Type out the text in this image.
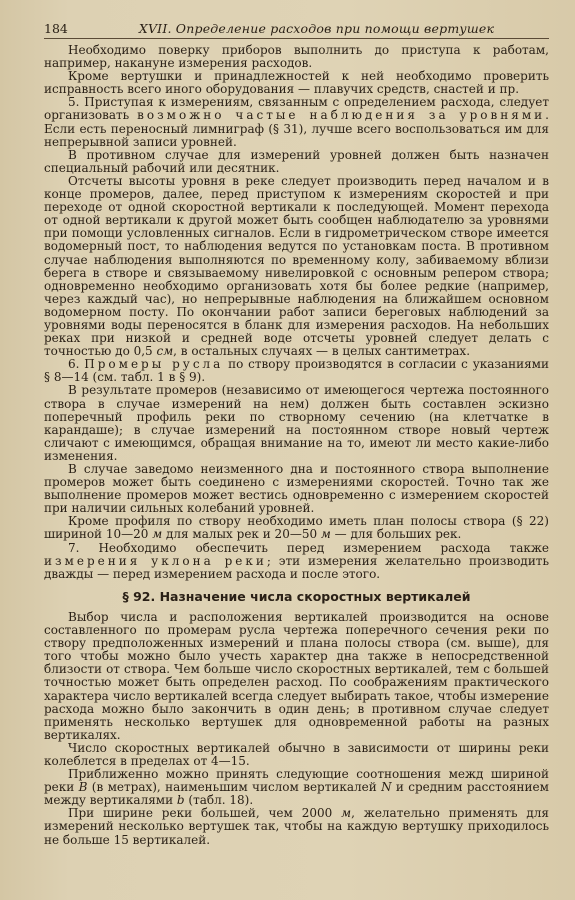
184	XVII. Определение расходов при помощи вертушек

Необходимо поверку приборов выполнить до приступа к работам, например, накануне измерения расходов.

Кроме вертушки и принадлежностей к ней необходимо проверить исправность всего иного оборудования — плавучих средств, снастей и пр.

5. Приступая к измерениям, связанным с определением расхода, следует организовать возможно частые наблюдения за уровнями. Если есть переносный лимниграф (§ 31), лучше всего воспользоваться им для непрерывной записи уровней.

В противном случае для измерений уровней должен быть назначен специальный рабочий или десятник.

Отсчеты высоты уровня в реке следует производить перед началом и в конце промеров, далее, перед приступом к измерениям скоростей и при переходе от одной скоростной вертикали к последующей. Момент перехода от одной вертикали к другой может быть сообщен наблюдателю за уровнями при помощи условленных сигналов. Если в гидрометрическом створе имеется водомерный пост, то наблюдения ведутся по установкам поста. В противном случае наблюдения выполняются по временному колу, забиваемому вблизи берега в створе и связываемому нивелировкой с основным репером створа; одновременно необходимо организовать хотя бы более редкие (например, через каждый час), но непрерывные наблюдения на ближайшем основном водомерном посту. По окончании работ записи береговых наблюдений за уровнями воды переносятся в бланк для измерения расходов. На небольших реках при низкой и средней воде отсчеты уровней следует делать с точностью до 0,5 см, в остальных случаях — в целых сантиметрах.

6. Промеры русла по створу производятся в согласии с указаниями § 8—14 (см. табл. 1 в § 9).

В результате промеров (независимо от имеющегося чертежа постоянного створа в случае измерений на нем) должен быть составлен эскизно поперечный профиль реки по створному сечению (на клетчатке в карандаше); в случае измерений на постоянном створе новый чертеж сличают с имеющимся, обращая внимание на то, имеют ли место какие-либо изменения.

В случае заведомо неизменного дна и постоянного створа выполнение промеров может быть соединено с измерениями скоростей. Точно так же выполнение промеров может вестись одновременно с измерением скоростей при наличии сильных колебаний уровней.

Кроме профиля по створу необходимо иметь план полосы створа (§ 22) шириной 10—20 м для малых рек и 20—50 м — для больших рек.

7. Необходимо обеспечить перед измерением расхода также измерения уклона реки; эти измерения желательно производить дважды — перед измерением расхода и после этого.

§ 92. Назначение числа скоростных вертикалей

Выбор числа и расположения вертикалей производится на основе составленного по промерам русла чертежа поперечного сечения реки по створу предположенных измерений и плана полосы створа (см. выше), для того чтобы можно было учесть характер дна также в непосредственной близости от створа. Чем больше число скоростных вертикалей, тем с большей точностью может быть определен расход. По соображениям практического характера число вертикалей всегда следует выбирать такое, чтобы измерение расхода можно было закончить в один день; в противном случае следует применять несколько вертушек для одновременной работы на разных вертикалях.

Число скоростных вертикалей обычно в зависимости от ширины реки колеблется в пределах от 4—15.

Приближенно можно принять следующие соотношения межд шириной реки B (в метрах), наименьшим числом вертикалей N и средним расстоянием между вертикалями b (табл. 18).

При ширине реки большей, чем 2000 м, желательно применять для измерений несколько вертушек так, чтобы на каждую вертушку приходилось не больше 15 вертикалей.
